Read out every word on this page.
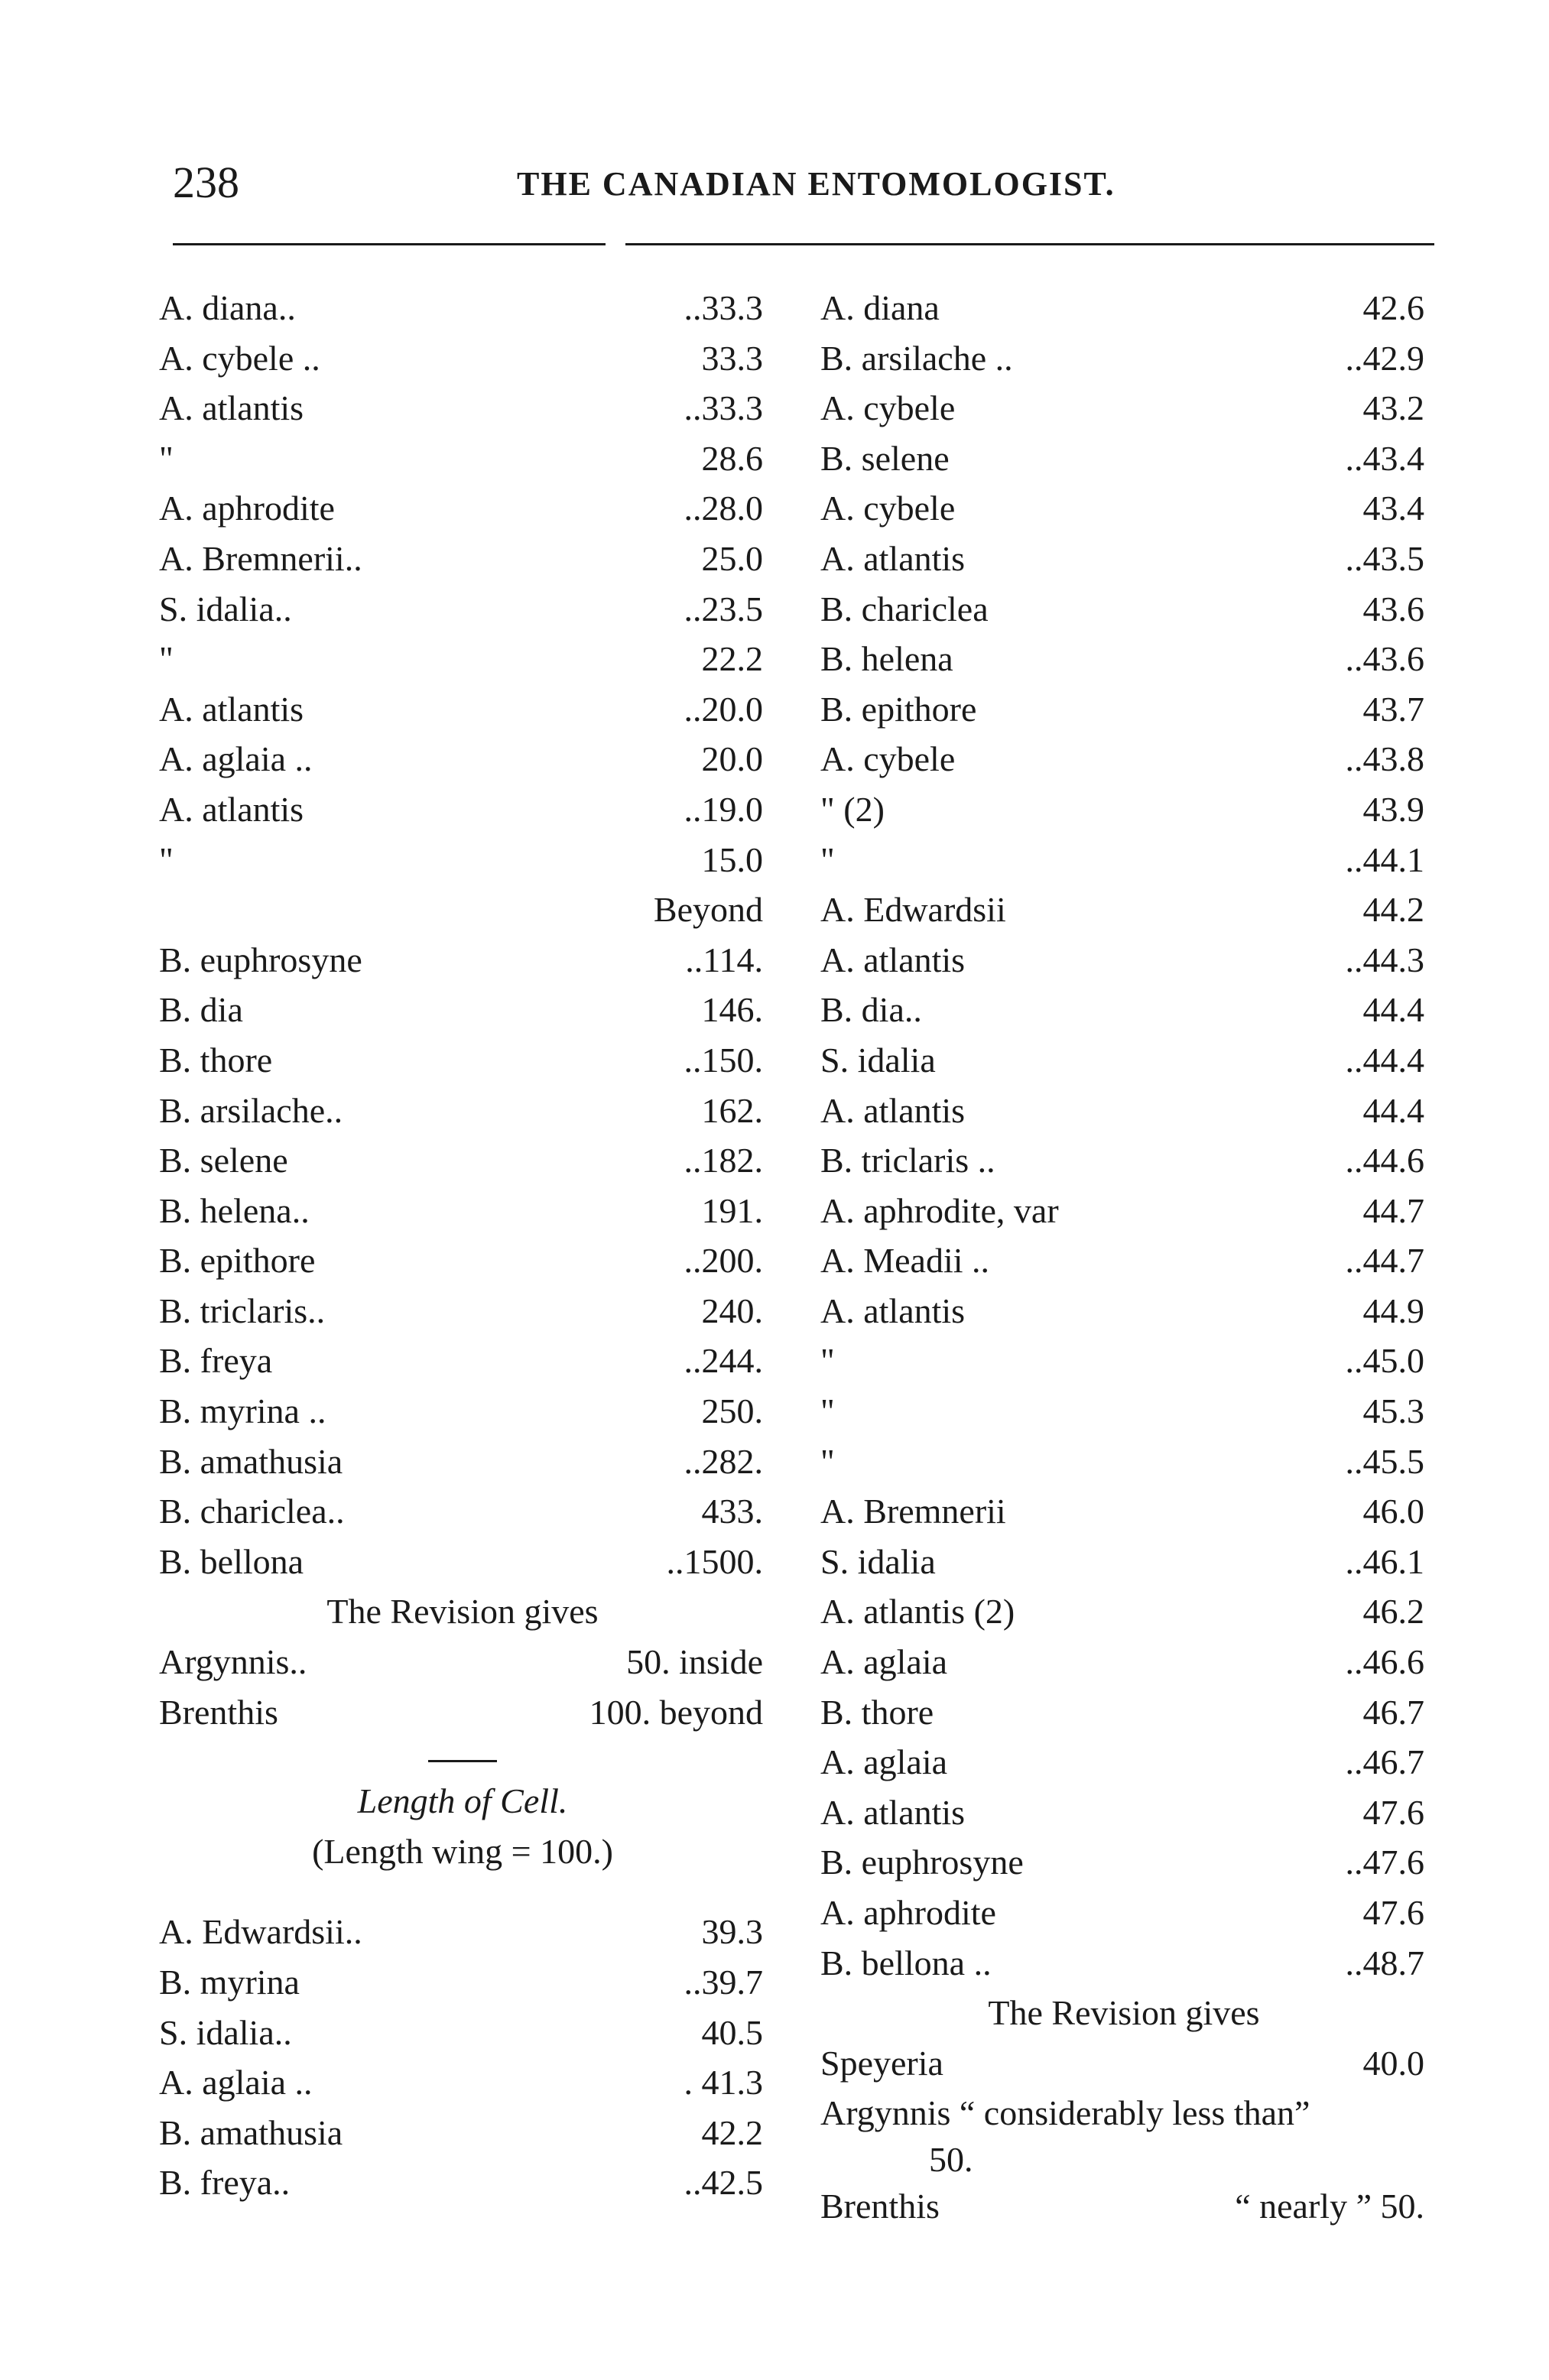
238	THE CANADIAN ENTOMOLOGIST.
A. diana..	..33.3
A. cybele ..	33.3
A. atlantis	..33.3
"	28.6
A. aphrodite	..28.0
A. Bremnerii..	25.0
S. idalia..	..23.5
"	22.2
A. atlantis	..20.0
A. aglaia ..	20.0
A. atlantis	..19.0
"	15.0
Beyond
B. euphrosyne	..114.
B. dia	146.
B. thore	..150.
B. arsilache..	162.
B. selene	..182.
B. helena..	191.
B. epithore	..200.
B. triclaris..	240.
B. freya	..244.
B. myrina ..	250.
B. amathusia	..282.
B. chariclea..	433.
B. bellona	..1500.
The Revision gives
Argynnis..	50. inside
Brenthis	100. beyond
Length of Cell.
(Length wing = 100.)
A. Edwardsii..	39.3
B. myrina	..39.7
S. idalia..	40.5
A. aglaia ..	. 41.3
B. amathusia	42.2
B. freya..	..42.5
A. diana	42.6
B. arsilache ..	..42.9
A. cybele	43.2
B. selene	..43.4
A. cybele	43.4
A. atlantis	..43.5
B. chariclea	43.6
B. helena	..43.6
B. epithore	43.7
A. cybele	..43.8
" (2)	43.9
"	..44.1
A. Edwardsii	44.2
A. atlantis	..44.3
B. dia..	44.4
S. idalia	..44.4
A. atlantis	44.4
B. triclaris ..	..44.6
A. aphrodite, var	44.7
A. Meadii ..	..44.7
A. atlantis	44.9
"	..45.0
"	45.3
"	..45.5
A. Bremnerii	46.0
S. idalia	..46.1
A. atlantis (2)	46.2
A. aglaia	..46.6
B. thore	46.7
A. aglaia	..46.7
A. atlantis	47.6
B. euphrosyne	..47.6
A. aphrodite	47.6
B. bellona ..	..48.7
The Revision gives
Speyeria	40.0
Argynnis “ considerably less than”
50.
Brenthis	“ nearly ” 50.
